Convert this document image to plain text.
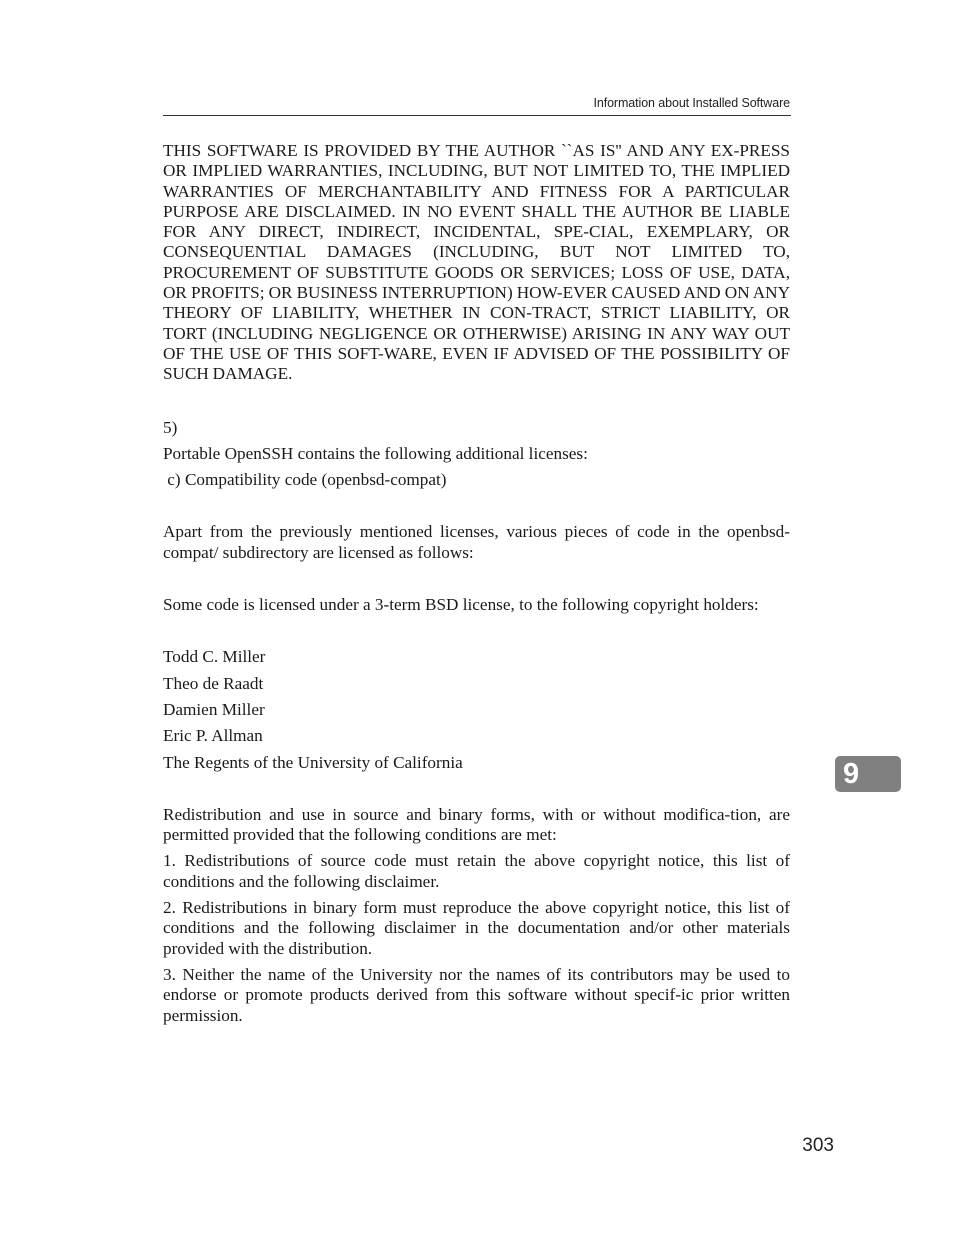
Information about Installed Software

THIS SOFTWARE IS PROVIDED BY THE AUTHOR ``AS IS'' AND ANY EX-PRESS OR IMPLIED WARRANTIES, INCLUDING, BUT NOT LIMITED TO, THE IMPLIED WARRANTIES OF MERCHANTABILITY AND FITNESS FOR A PARTICULAR PURPOSE ARE DISCLAIMED. IN NO EVENT SHALL THE AUTHOR BE LIABLE FOR ANY DIRECT, INDIRECT, INCIDENTAL, SPE-CIAL, EXEMPLARY, OR CONSEQUENTIAL DAMAGES (INCLUDING, BUT NOT LIMITED TO, PROCUREMENT OF SUBSTITUTE GOODS OR SERVICES; LOSS OF USE, DATA, OR PROFITS; OR BUSINESS INTERRUPTION) HOW-EVER CAUSED AND ON ANY THEORY OF LIABILITY, WHETHER IN CON-TRACT, STRICT LIABILITY, OR TORT (INCLUDING NEGLIGENCE OR OTHERWISE) ARISING IN ANY WAY OUT OF THE USE OF THIS SOFT-WARE, EVEN IF ADVISED OF THE POSSIBILITY OF SUCH DAMAGE.

5)

Portable OpenSSH contains the following additional licenses:

c) Compatibility code (openbsd-compat)

Apart from the previously mentioned licenses, various pieces of code in the openbsd-compat/ subdirectory are licensed as follows:

Some code is licensed under a 3-term BSD license, to the following copyright holders:

Todd C. Miller

Theo de Raadt

Damien Miller

Eric P. Allman

The Regents of the University of California

Redistribution and use in source and binary forms, with or without modifica-tion, are permitted provided that the following conditions are met:

1. Redistributions of source code must retain the above copyright notice, this list of conditions and the following disclaimer.

2. Redistributions in binary form must reproduce the above copyright notice, this list of conditions and the following disclaimer in the documentation and/or other materials provided with the distribution.

3. Neither the name of the University nor the names of its contributors may be used to endorse or promote products derived from this software without specif-ic prior written permission.

9
303
